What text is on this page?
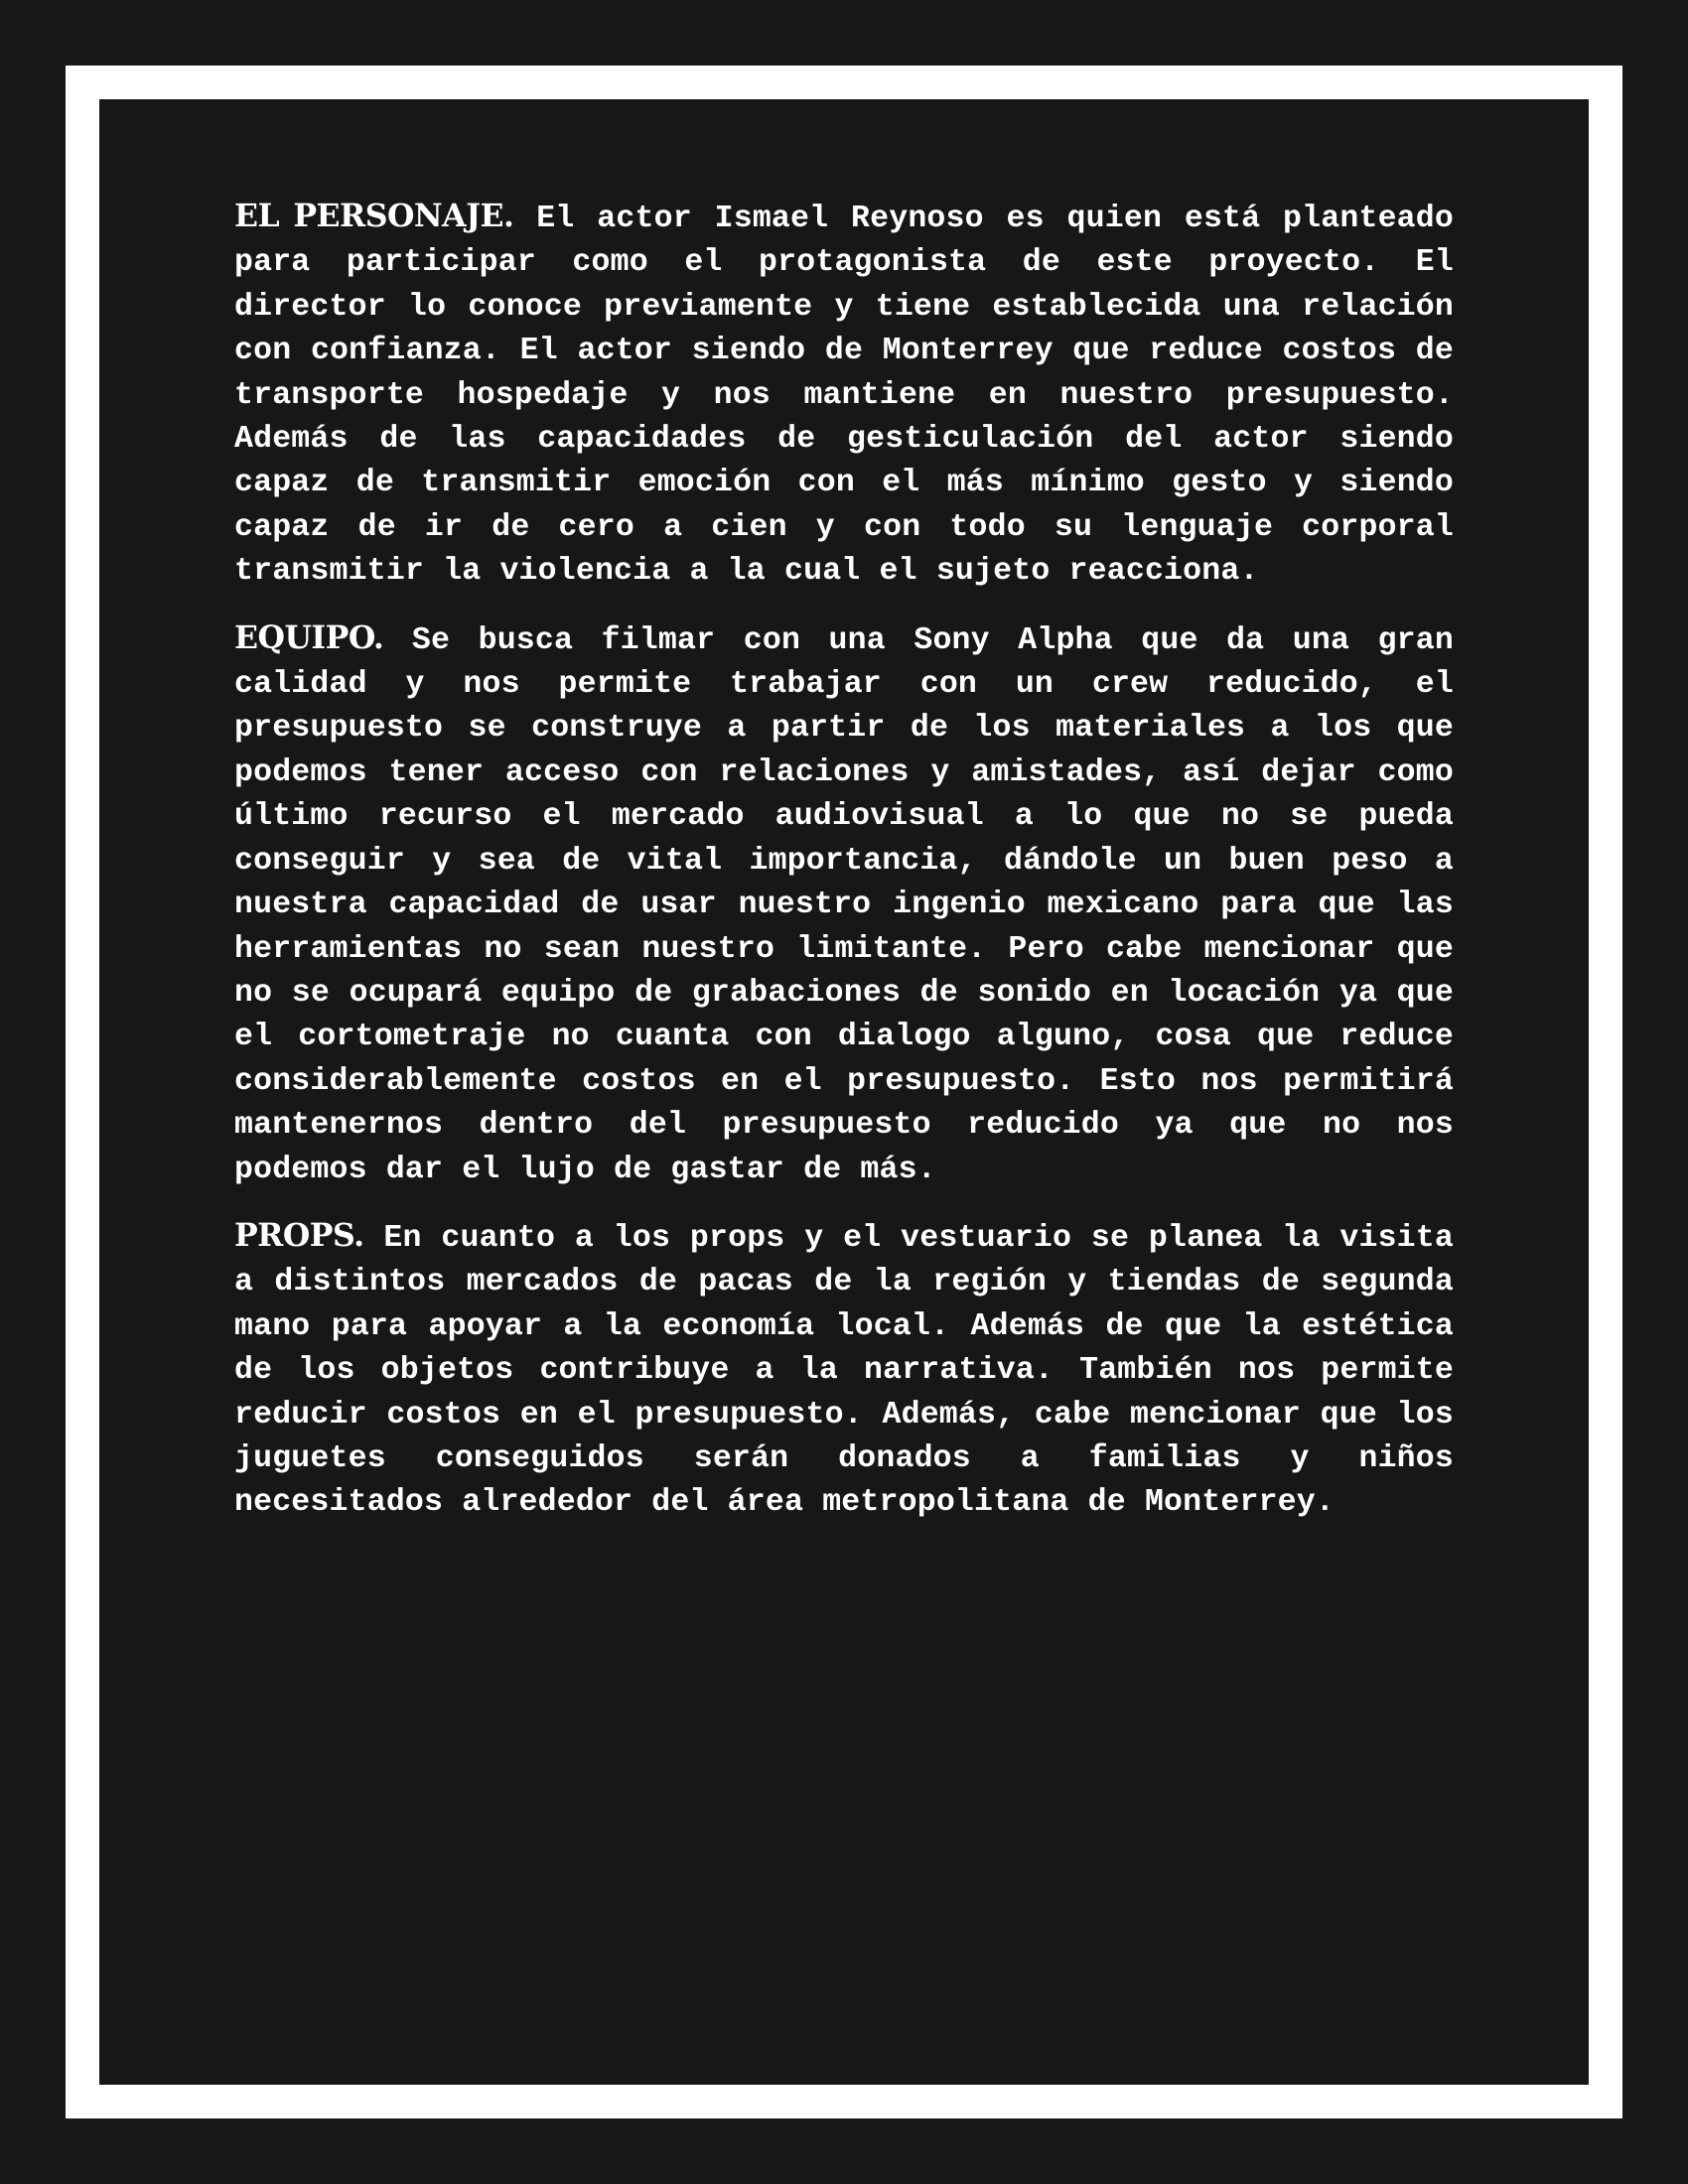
EL PERSONAJE. El actor Ismael Reynoso es quien está planteado para participar como el protagonista de este proyecto. El director lo conoce previamente y tiene establecida una relación con confianza. El actor siendo de Monterrey que reduce costos de transporte hospedaje y nos mantiene en nuestro presupuesto. Además de las capacidades de gesticulación del actor siendo capaz de transmitir emoción con el más mínimo gesto y siendo capaz de ir de cero a cien y con todo su lenguaje corporal transmitir la violencia a la cual el sujeto reacciona.

EQUIPO. Se busca filmar con una Sony Alpha que da una gran calidad y nos permite trabajar con un crew reducido, el presupuesto se construye a partir de los materiales a los que podemos tener acceso con relaciones y amistades, así dejar como último recurso el mercado audiovisual a lo que no se pueda conseguir y sea de vital importancia, dándole un buen peso a nuestra capacidad de usar nuestro ingenio mexicano para que las herramientas no sean nuestro limitante. Pero cabe mencionar que no se ocupará equipo de grabaciones de sonido en locación ya que el cortometraje no cuanta con dialogo alguno, cosa que reduce considerablemente costos en el presupuesto. Esto nos permitirá mantenernos dentro del presupuesto reducido ya que no nos podemos dar el lujo de gastar de más.

PROPS. En cuanto a los props y el vestuario se planea la visita a distintos mercados de pacas de la región y tiendas de segunda mano para apoyar a la economía local. Además de que la estética de los objetos contribuye a la narrativa. También nos permite reducir costos en el presupuesto. Además, cabe mencionar que los juguetes conseguidos serán donados a familias y niños necesitados alrededor del área metropolitana de Monterrey.
